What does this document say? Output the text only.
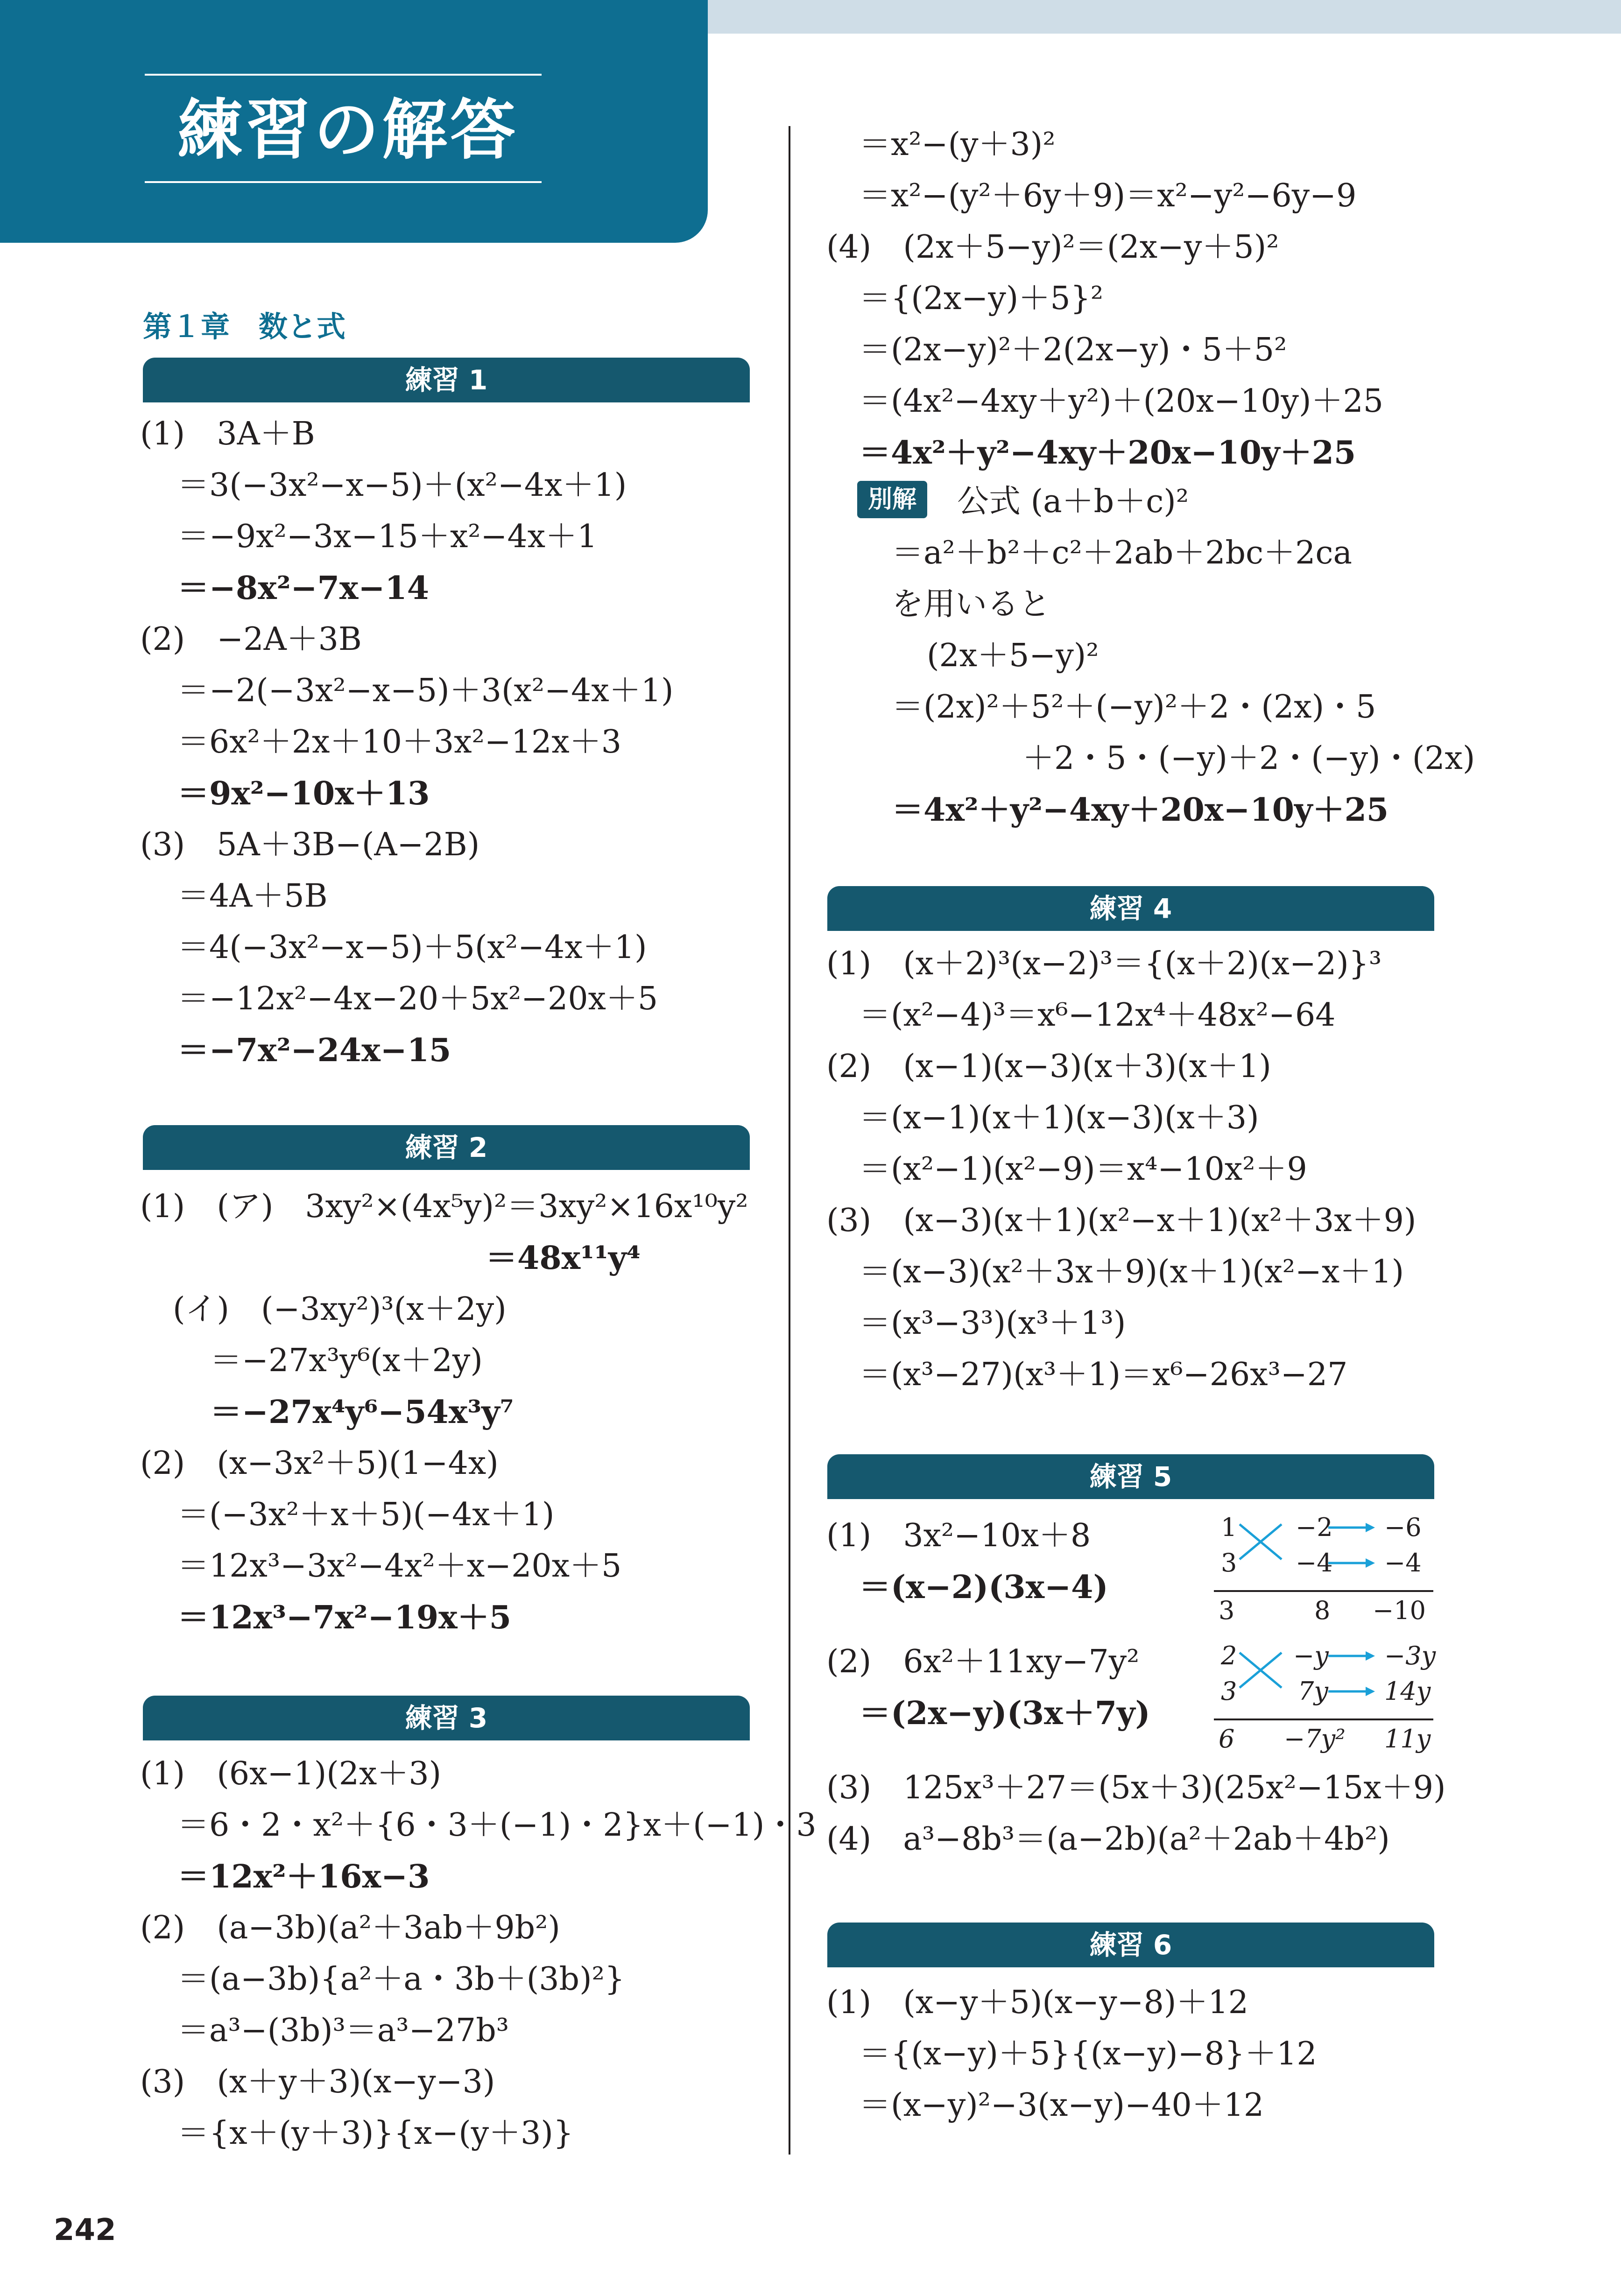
練習の解答
第１章　数と式
練習 1
(1)　3A＋B
＝3(−3x²−x−5)＋(x²−4x＋1)
＝−9x²−3x−15＋x²−4x＋1
＝−8x²−7x−14
(2)　−2A＋3B
＝−2(−3x²−x−5)＋3(x²−4x＋1)
＝6x²＋2x＋10＋3x²−12x＋3
＝9x²−10x＋13
(3)　5A＋3B−(A−2B)
＝4A＋5B
＝4(−3x²−x−5)＋5(x²−4x＋1)
＝−12x²−4x−20＋5x²−20x＋5
＝−7x²−24x−15
練習 2
(1)　(ア)　3xy²×(4x⁵y)²＝3xy²×16x¹⁰y²
＝48x¹¹y⁴
(イ)　(−3xy²)³(x＋2y)
＝−27x³y⁶(x＋2y)
＝−27x⁴y⁶−54x³y⁷
(2)　(x−3x²＋5)(1−4x)
＝(−3x²＋x＋5)(−4x＋1)
＝12x³−3x²−4x²＋x−20x＋5
＝12x³−7x²−19x＋5
練習 3
(1)　(6x−1)(2x＋3)
＝6・2・x²＋{6・3＋(−1)・2}x＋(−1)・3
＝12x²＋16x−3
(2)　(a−3b)(a²＋3ab＋9b²)
＝(a−3b){a²＋a・3b＋(3b)²}
＝a³−(3b)³＝a³−27b³
(3)　(x＋y＋3)(x−y−3)
＝{x＋(y＋3)}{x−(y＋3)}
＝x²−(y＋3)²
＝x²−(y²＋6y＋9)＝x²−y²−6y−9
(4)　(2x＋5−y)²＝(2x−y＋5)²
＝{(2x−y)＋5}²
＝(2x−y)²＋2(2x−y)・5＋5²
＝(4x²−4xy＋y²)＋(20x−10y)＋25
＝4x²＋y²−4xy＋20x−10y＋25
別解	公式 (a＋b＋c)²
＝a²＋b²＋c²＋2ab＋2bc＋2ca
を用いると
(2x＋5−y)²
＝(2x)²＋5²＋(−y)²＋2・(2x)・5
＋2・5・(−y)＋2・(−y)・(2x)
＝4x²＋y²−4xy＋20x−10y＋25
練習 4
(1)　(x＋2)³(x−2)³＝{(x＋2)(x−2)}³
＝(x²−4)³＝x⁶−12x⁴＋48x²−64
(2)　(x−1)(x−3)(x＋3)(x＋1)
＝(x−1)(x＋1)(x−3)(x＋3)
＝(x²−1)(x²−9)＝x⁴−10x²＋9
(3)　(x−3)(x＋1)(x²−x＋1)(x²＋3x＋9)
＝(x−3)(x²＋3x＋9)(x＋1)(x²−x＋1)
＝(x³−3³)(x³＋1³)
＝(x³−27)(x³＋1)＝x⁶−26x³−27
練習 5
(1)　3x²−10x＋8
＝(x−2)(3x−4)
1 −2 −6
3 −4 −4
3	8 −10
(2)　6x²＋11xy−7y²
＝(2x−y)(3x＋7y)
2 −y −3y
3 7y 14y
6 −7y² 11y
(3)　125x³＋27＝(5x＋3)(25x²−15x＋9)
(4)　a³−8b³＝(a−2b)(a²＋2ab＋4b²)
練習 6
(1)　(x−y＋5)(x−y−8)＋12
＝{(x−y)＋5}{(x−y)−8}＋12
＝(x−y)²−3(x−y)−40＋12
242
